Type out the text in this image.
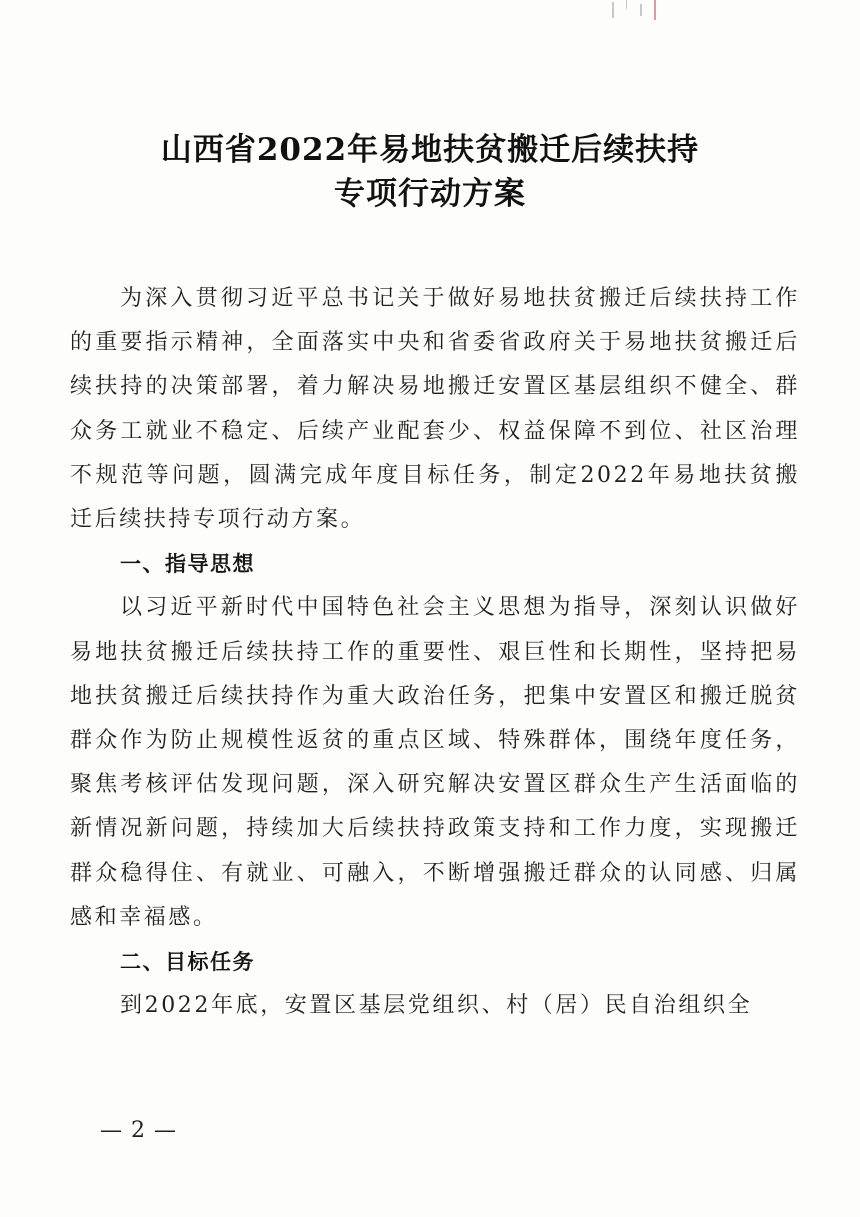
山西省2022年易地扶贫搬迁后续扶持
专项行动方案

为深入贯彻习近平总书记关于做好易地扶贫搬迁后续扶持工作的重要指示精神，全面落实中央和省委省政府关于易地扶贫搬迁后续扶持的决策部署，着力解决易地搬迁安置区基层组织不健全、群众务工就业不稳定、后续产业配套少、权益保障不到位、社区治理不规范等问题，圆满完成年度目标任务，制定2022年易地扶贫搬迁后续扶持专项行动方案。

一、指导思想

以习近平新时代中国特色社会主义思想为指导，深刻认识做好易地扶贫搬迁后续扶持工作的重要性、艰巨性和长期性，坚持把易地扶贫搬迁后续扶持作为重大政治任务，把集中安置区和搬迁脱贫群众作为防止规模性返贫的重点区域、特殊群体，围绕年度任务，聚焦考核评估发现问题，深入研究解决安置区群众生产生活面临的新情况新问题，持续加大后续扶持政策支持和工作力度，实现搬迁群众稳得住、有就业、可融入，不断增强搬迁群众的认同感、归属感和幸福感。

二、目标任务

到2022年底，安置区基层党组织、村（居）民自治组织全

— 2 —
